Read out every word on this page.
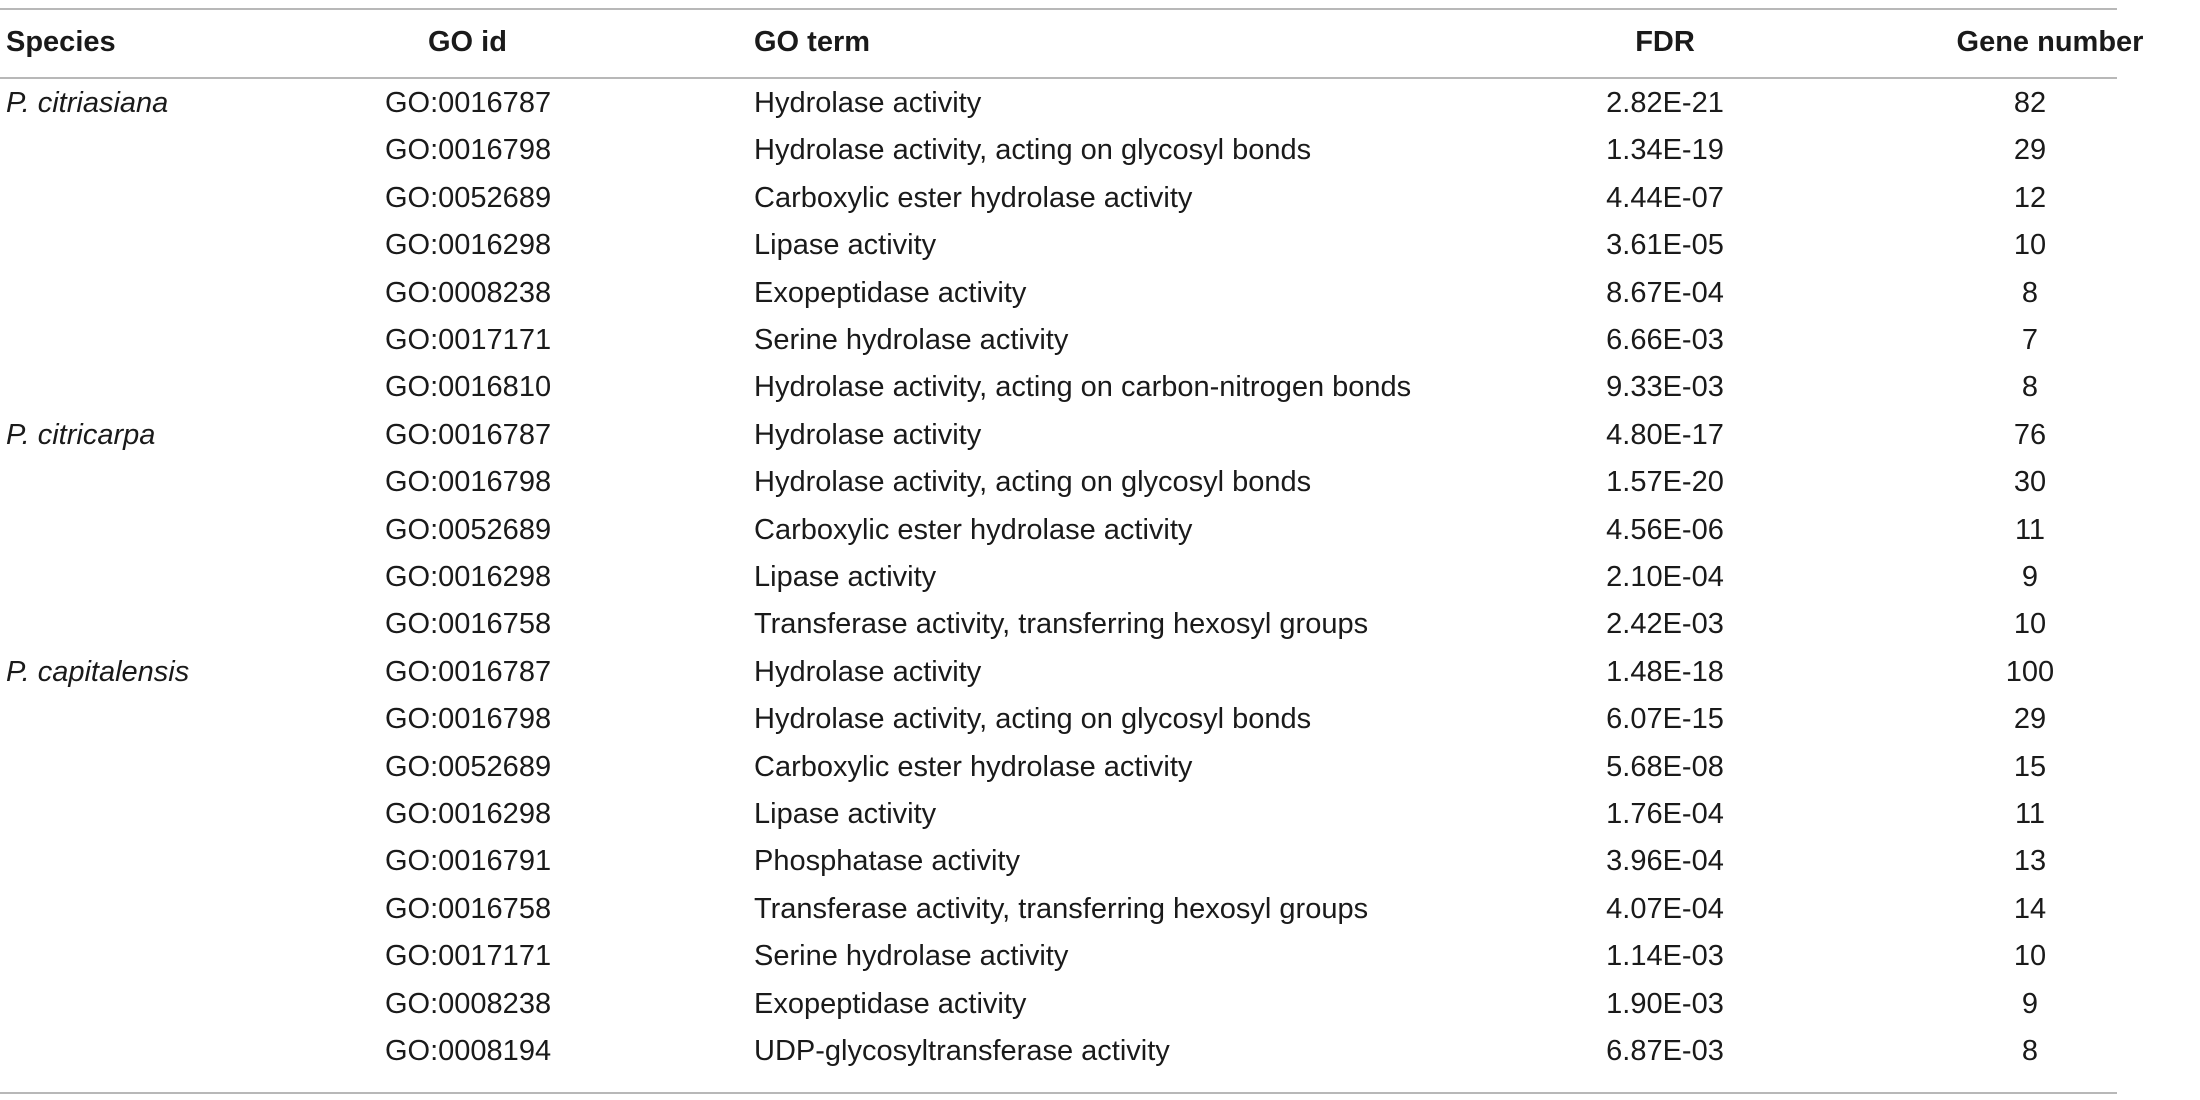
Species	GO id	GO term	FDR	Gene number
P. citriasiana	GO:0016787	Hydrolase activity	2.82E-21	82
GO:0016798	Hydrolase activity, acting on glycosyl bonds	1.34E-19	29
GO:0052689	Carboxylic ester hydrolase activity	4.44E-07	12
GO:0016298	Lipase activity	3.61E-05	10
GO:0008238	Exopeptidase activity	8.67E-04	8
GO:0017171	Serine hydrolase activity	6.66E-03	7
GO:0016810	Hydrolase activity, acting on carbon-nitrogen bonds	9.33E-03	8
P. citricarpa	GO:0016787	Hydrolase activity	4.80E-17	76
GO:0016798	Hydrolase activity, acting on glycosyl bonds	1.57E-20	30
GO:0052689	Carboxylic ester hydrolase activity	4.56E-06	11
GO:0016298	Lipase activity	2.10E-04	9
GO:0016758	Transferase activity, transferring hexosyl groups	2.42E-03	10
P. capitalensis	GO:0016787	Hydrolase activity	1.48E-18	100
GO:0016798	Hydrolase activity, acting on glycosyl bonds	6.07E-15	29
GO:0052689	Carboxylic ester hydrolase activity	5.68E-08	15
GO:0016298	Lipase activity	1.76E-04	11
GO:0016791	Phosphatase activity	3.96E-04	13
GO:0016758	Transferase activity, transferring hexosyl groups	4.07E-04	14
GO:0017171	Serine hydrolase activity	1.14E-03	10
GO:0008238	Exopeptidase activity	1.90E-03	9
GO:0008194	UDP-glycosyltransferase activity	6.87E-03	8
